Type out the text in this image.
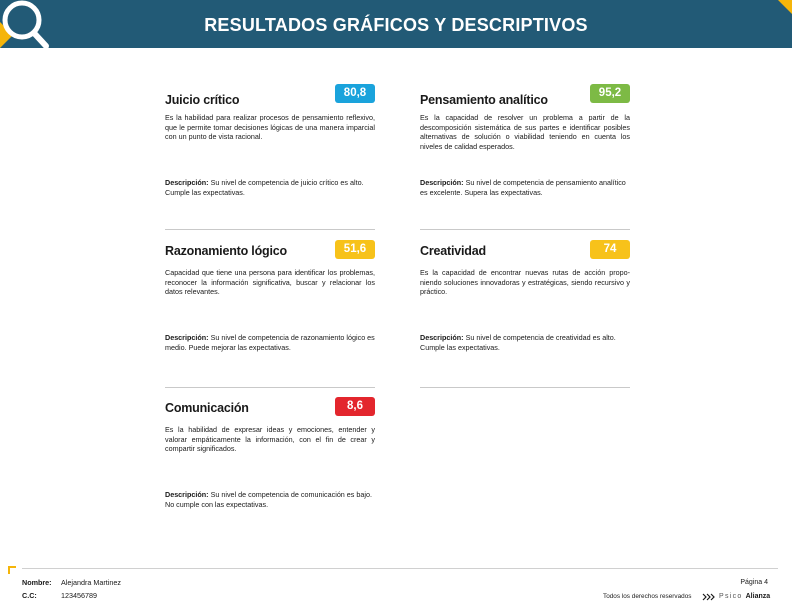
RESULTADOS GRÁFICOS Y DESCRIPTIVOS
Juicio crítico	80,8
Es la habilidad para realizar procesos de pensamiento reflexivo, que le permite tomar decisiones lógicas de una manera imparcial con un punto de vista racional.
Descripción: Su nivel de competencia de juicio crítico es alto. Cumple las expectativas.
Pensamiento analítico	95,2
Es la capacidad de resolver un problema a partir de la descomposición sistemática de sus partes e identificar posibles alternativas de solución o viabilidad teniendo en cuenta los niveles de calidad esperados.
Descripción: Su nivel de competencia de pensamiento analítico es excelente. Supera las expectativas.
Razonamiento lógico	51,6
Capacidad que tiene una persona para identificar los problemas, reconocer la información significativa, buscar y relacionar los datos relevantes.
Descripción: Su nivel de competencia de razonamiento lógico es medio. Puede mejorar las expectativas.
Creatividad	74
Es la capacidad de encontrar nuevas rutas de acción propo- niendo soluciones innovadoras y estratégicas, siendo recursivo y práctico.
Descripción: Su nivel de competencia de creatividad es alto. Cumple las expectativas.
Comunicación	8,6
Es la habilidad de expresar ideas y emociones, entender y valorar empáticamente la información, con el fin de crear y compartir significados.
Descripción: Su nivel de competencia de comunicación es bajo. No cumple con las expectativas.
Nombre: Alejandra Martinez
C.C:	123456789
Página 4
Todos los derechos reservados	Psico Alianza
